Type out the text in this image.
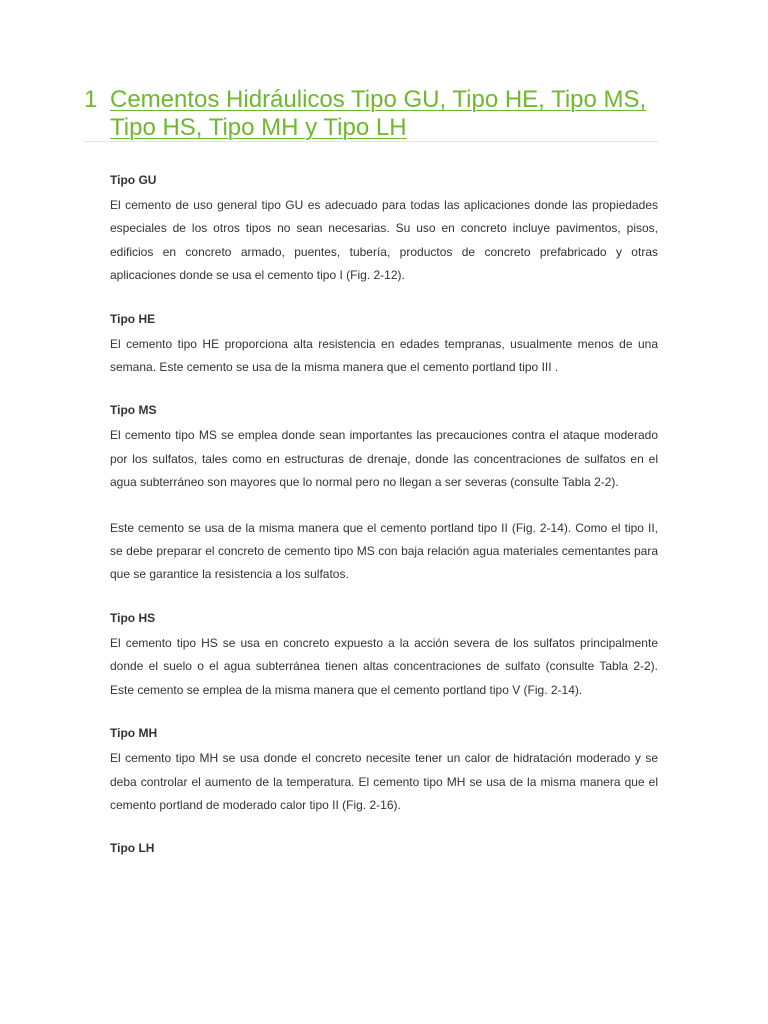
1 Cementos Hidráulicos Tipo GU, Tipo HE, Tipo MS, Tipo HS, Tipo MH y Tipo LH

Tipo GU

El cemento de uso general tipo GU es adecuado para todas las aplicaciones donde las propiedades especiales de los otros tipos no sean necesarias. Su uso en concreto incluye pavimentos, pisos, edificios en concreto armado, puentes, tubería, productos de concreto prefabricado y otras aplicaciones donde se usa el cemento tipo I (Fig. 2-12).

Tipo HE

El cemento tipo HE proporciona alta resistencia en edades tempranas, usualmente menos de una semana. Este cemento se usa de la misma manera que el cemento portland tipo III .

Tipo MS

El cemento tipo MS se emplea donde sean importantes las precauciones contra el ataque moderado por los sulfatos, tales como en estructuras de drenaje, donde las concentraciones de sulfatos en el agua subterráneo son mayores que lo normal pero no llegan a ser severas (consulte Tabla 2-2).

Este cemento se usa de la misma manera que el cemento portland tipo II (Fig. 2-14). Como el tipo II, se debe preparar el concreto de cemento tipo MS con baja relación agua materiales cementantes para que se garantice la resistencia a los sulfatos.

Tipo HS

El cemento tipo HS se usa en concreto expuesto a la acción severa de los sulfatos principalmente donde el suelo o el agua subterránea tienen altas concentraciones de sulfato (consulte Tabla 2-2). Este cemento se emplea de la misma manera que el cemento portland tipo V (Fig. 2-14).

Tipo MH

El cemento tipo MH se usa donde el concreto necesite tener un calor de hidratación moderado y se deba controlar el aumento de la temperatura. El cemento tipo MH se usa de la misma manera que el cemento portland de moderado calor tipo II (Fig. 2-16).

Tipo LH
